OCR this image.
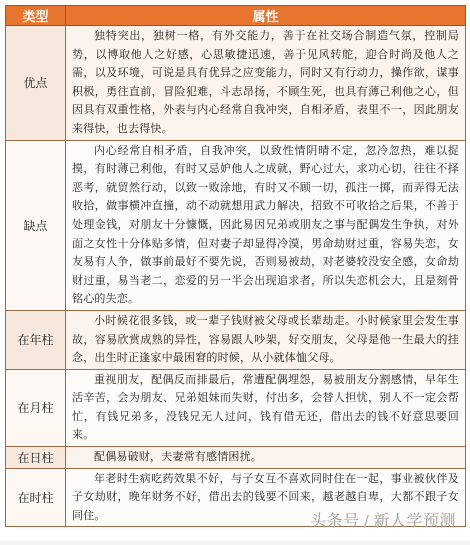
类型	属性
优点	独特突出，独树一格，有外交能力，善于在社交场合制造气氛，控制局势，以博取他人之好感，心思敏捷迅速，善于见风转舵，迎合时尚及他人之需，以及环境，可说是具有优异之应变能力，同时又有行动力，操作欲，谋事积极，勇往直前，冒险犯难，斗志昂扬，不顾生死，也具有薄己利他之心，但因具有双重性格，外表与内心经常自我冲突，自相矛盾，表里不一，因此朋友来得快，也去得快。
缺点	内心经常自相矛盾，自我冲突，以致性情阴晴不定，忽冷忽热，难以捉摸，有时薄己利他，有时又忌妒他人之成就，野心过大，求功心切，往往不择恶考，就贸然行动，以致一败涂地，有时又不顾一切，孤注一掷，而弄得无法收拾，做事横冲直撞，动不动就想用武力解决，招致不可收拾之后果，不善于处理金钱，对朋友十分慷慨，因此易因兄弟或朋友之事与配偶发生争执，对外面之女性十分体贴多情，但对妻子却显得冷漠，男命劫财过重，容易失恋，女友易有人争，做事前最好不要先说，否则易被劫，对老婆较没安全感，女命劫财过重，易当老二，恋爱的另一半会出现追求者，所以失恋机会大，且是刻骨铭心的失恋。
在年柱	小时候花很多钱，或一辈子钱财被父母或长辈劫走。小时候家里会发生事故，容易欣赏成熟的异性，容易跟人吵架，好交朋友，父母是他一生最大的挂念，出生时正逢家中最困窘的时候，从小就体恤父母。
在月柱	重视朋友，配偶反而排最后，常遭配偶埋怨，易被朋友分割感情，早年生活辛苦，会为朋友、兄弟姐妹而失财，付出多，会替人担忧，别人不一定会帮忙，有钱兄弟多，没钱兄无人过问，钱有借无还，借出去的钱不好意思要回来。
在日柱	配偶易破财，夫妻常有感情困扰。
在时柱	年老时生病吃药效果不好，与子女互不喜欢同时住在一起，事业被伙伴及子女劫财，晚年财务不好，借出去的钱要不回来，越老越自卑，大都不跟子女同住。	头条号 / 新人学预测
